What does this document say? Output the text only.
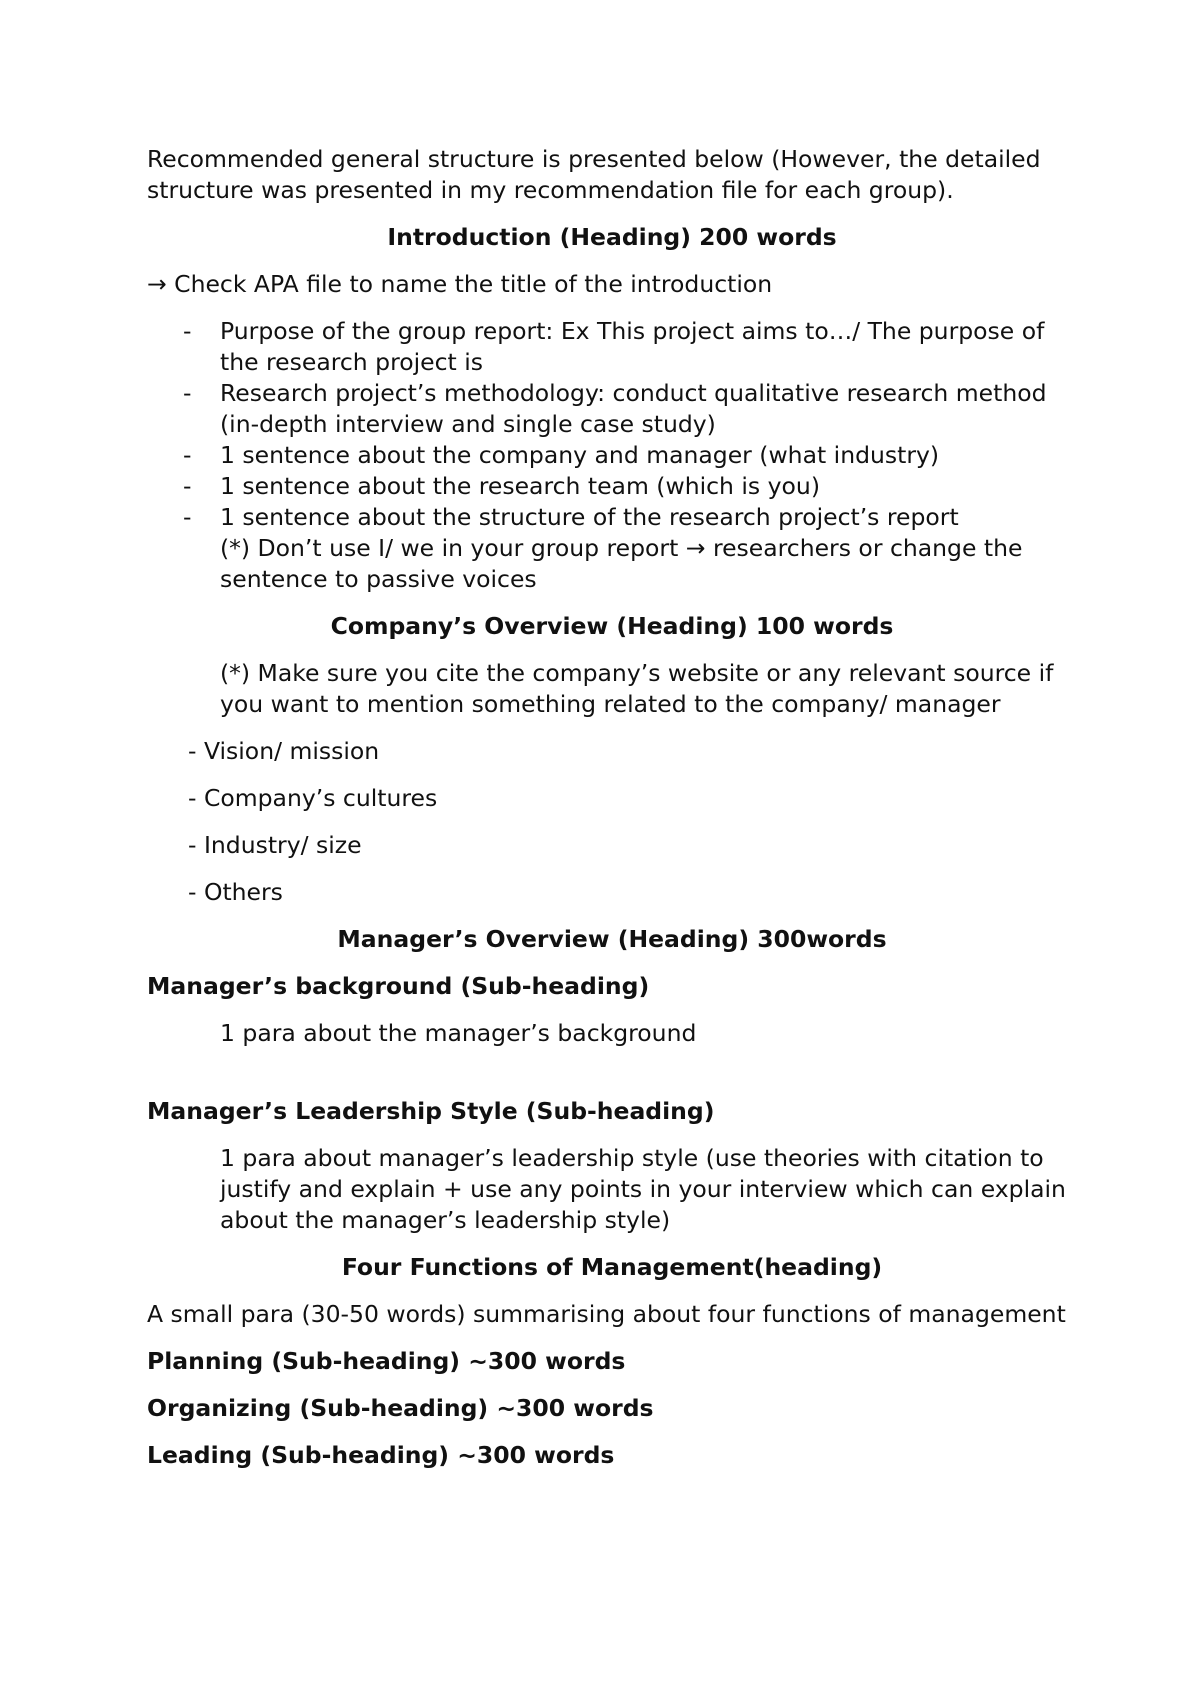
Recommended general structure is presented below (However, the detailed structure was presented in my recommendation file for each group).

Introduction (Heading) 200 words

→ Check APA file to name the title of the introduction

- Purpose of the group report: Ex This project aims to…/ The purpose of the research project is
- Research project’s methodology: conduct qualitative research method (in-depth interview and single case study)
- 1 sentence about the company and manager (what industry)
- 1 sentence about the research team (which is you)
- 1 sentence about the structure of the research project’s report
(*) Don’t use I/ we in your group report → researchers or change the sentence to passive voices

Company’s Overview (Heading) 100 words

(*) Make sure you cite the company’s website or any relevant source if you want to mention something related to the company/ manager

- Vision/ mission

- Company’s cultures

- Industry/ size

- Others

Manager’s Overview (Heading) 300words

Manager’s background (Sub-heading)

1 para about the manager’s background

Manager’s Leadership Style (Sub-heading)

1 para about manager’s leadership style (use theories with citation to justify and explain + use any points in your interview which can explain about the manager’s leadership style)

Four Functions of Management(heading)

A small para (30-50 words) summarising about four functions of management

Planning (Sub-heading) ~300 words

Organizing (Sub-heading) ~300 words

Leading (Sub-heading) ~300 words
